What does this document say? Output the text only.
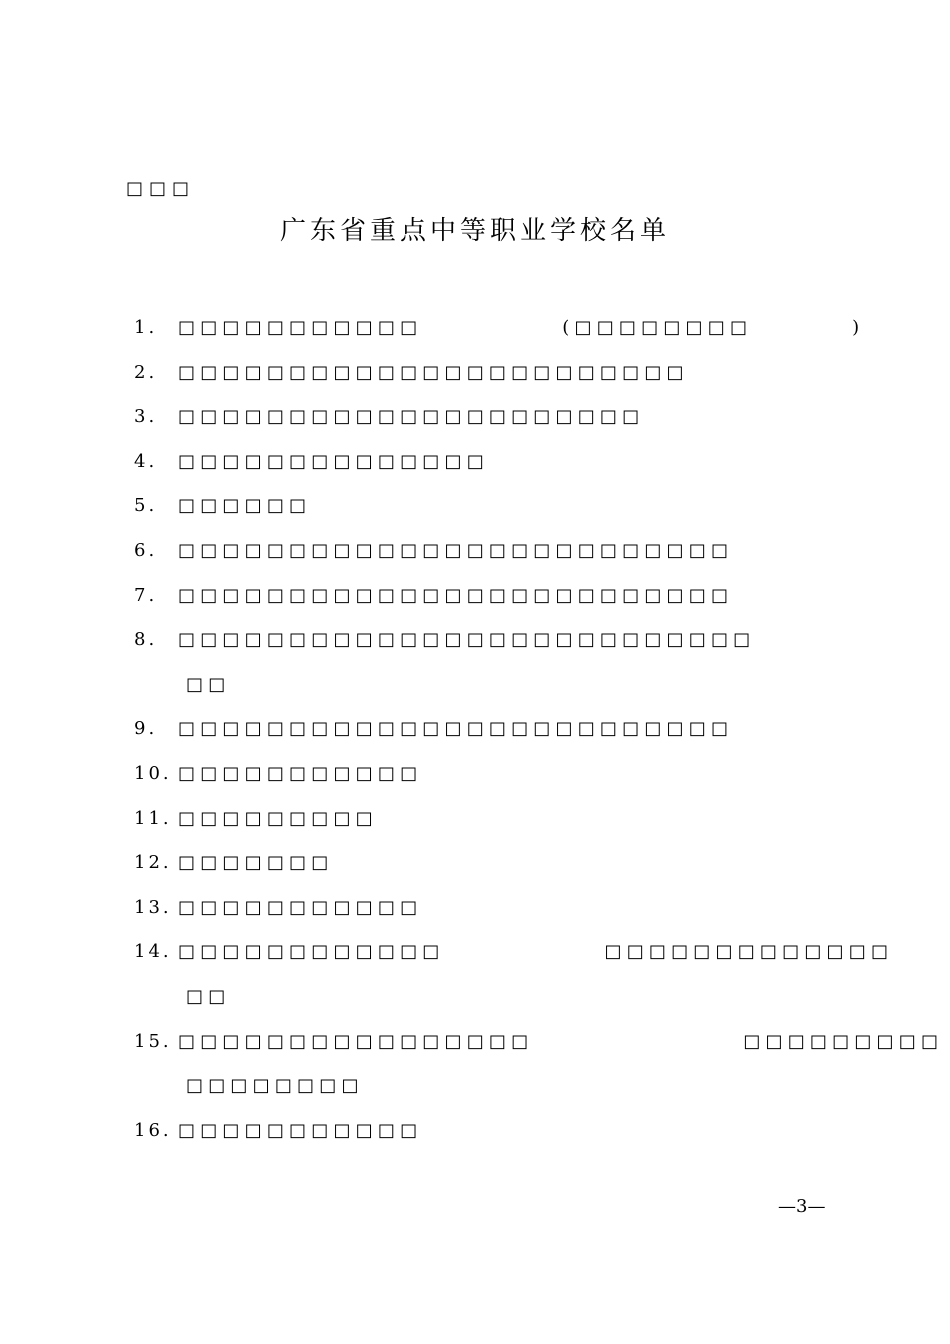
□□□
广东省重点中等职业学校名单
1. □□□□□□□□□□□	(□□□□□□□□	)
2. □□□□□□□□□□□□□□□□□□□□□□□
3. □□□□□□□□□□□□□□□□□□□□□
4. □□□□□□□□□□□□□□
5. □□□□□□
6. □□□□□□□□□□□□□□□□□□□□□□□□□
7. □□□□□□□□□□□□□□□□□□□□□□□□□
8. □□□□□□□□□□□□□□□□□□□□□□□□□□
□□
9. □□□□□□□□□□□□□□□□□□□□□□□□□
10. □□□□□□□□□□□
11. □□□□□□□□□
12. □□□□□□□
13. □□□□□□□□□□□
14. □□□□□□□□□□□□	□□□□□□□□□□□□□
□□
15. □□□□□□□□□□□□□□□□	□□□□□□□□□
□□□□□□□□
16. □□□□□□□□□□□
—3—
